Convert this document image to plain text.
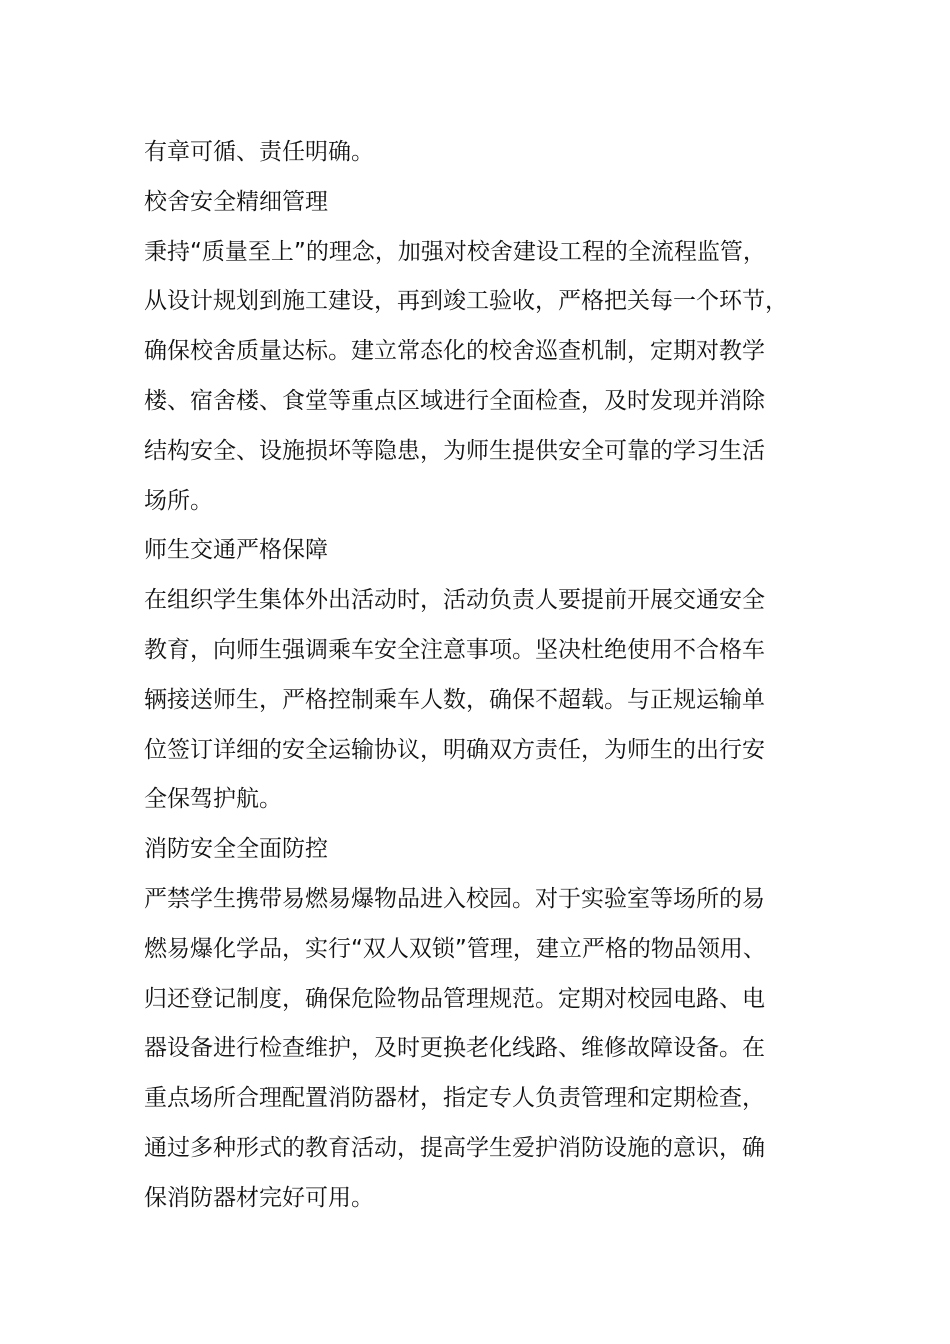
有章可循、责任明确。
校舍安全精细管理
秉持“质量至上”的理念，加强对校舍建设工程的全流程监管，
从设计规划到施工建设，再到竣工验收，严格把关每一个环节，
确保校舍质量达标。建立常态化的校舍巡查机制，定期对教学
楼、宿舍楼、食堂等重点区域进行全面检查，及时发现并消除
结构安全、设施损坏等隐患，为师生提供安全可靠的学习生活
场所。
师生交通严格保障
在组织学生集体外出活动时，活动负责人要提前开展交通安全
教育，向师生强调乘车安全注意事项。坚决杜绝使用不合格车
辆接送师生，严格控制乘车人数，确保不超载。与正规运输单
位签订详细的安全运输协议，明确双方责任，为师生的出行安
全保驾护航。
消防安全全面防控
严禁学生携带易燃易爆物品进入校园。对于实验室等场所的易
燃易爆化学品，实行“双人双锁”管理，建立严格的物品领用、
归还登记制度，确保危险物品管理规范。定期对校园电路、电
器设备进行检查维护，及时更换老化线路、维修故障设备。在
重点场所合理配置消防器材，指定专人负责管理和定期检查，
通过多种形式的教育活动，提高学生爱护消防设施的意识，确
保消防器材完好可用。
